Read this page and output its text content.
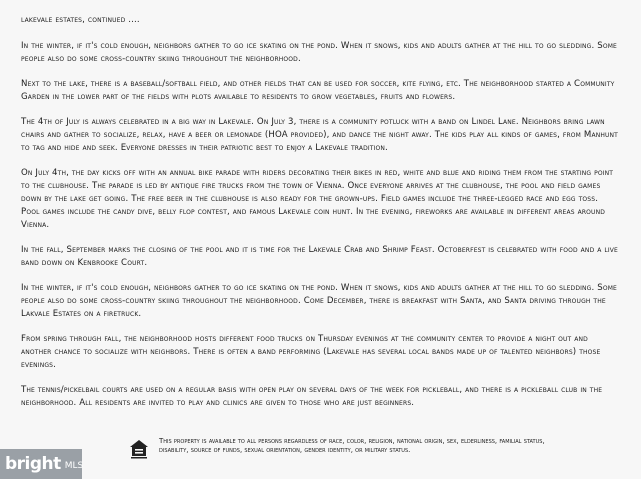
lakevale estates, continued ....

In the winter, if it's cold enough, neighbors gather to go ice skating on the pond. When it snows, kids and adults gather at the hill to go sledding. Some people also do some cross-country skiing throughout the neighborhood.

Next to the lake, there is a baseball/softball field, and other fields that can be used for soccer, kite flying, etc. The neighborhood started a Community Garden in the lower part of the fields with plots available to residents to grow vegetables, fruits and flowers.

The 4th of July is always celebrated in a big way in Lakevale. On July 3, there is a community potluck with a band on Lindel Lane. Neighbors bring lawn chairs and gather to socialize, relax, have a beer or lemonade (HOA provided), and dance the night away. The kids play all kinds of games, from Manhunt to tag and hide and seek. Everyone dresses in their patriotic best to enjoy a Lakevale tradition.

On July 4th, the day kicks off with an annual bike parade with riders decorating their bikes in red, white and blue and riding them from the starting point to the clubhouse. The parade is led by antique fire trucks from the town of Vienna. Once everyone arrives at the clubhouse, the pool and field games down by the lake get going. The free beer in the clubhouse is also ready for the grown-ups. Field games include the three-legged race and egg toss. Pool games include the candy dive, belly flop contest, and famous Lakevale coin hunt. In the evening, fireworks are available in different areas around Vienna.

In the fall, September marks the closing of the pool and it is time for the Lakevale Crab and Shrimp Feast. Octoberfest is celebrated with food and a live band down on Kenbrooke Court.

In the winter, if it's cold enough, neighbors gather to go ice skating on the pond. When it snows, kids and adults gather at the hill to go sledding. Some people also do some cross-country skiing throughout the neighborhood. Come December, there is breakfast with Santa, and Santa driving through the Lakvale Estates on a firetruck.

From spring through fall, the neighborhood hosts different food trucks on Thursday evenings at the community center to provide a night out and another chance to socialize with neighbors. There is often a band performing (Lakevale has several local bands made up of talented neighbors) those evenings.

The tennis/pickelbail courts are used on a regular basis with open play on several days of the week for pickleball, and there is a pickleball club in the neighborhood. All residents are invited to play and clinics are given to those who are just beginners.

This property is available to all persons regardless of race, color, religion, national origin, sex, elderliness, familial status, disability, source of funds, sexual orientation, gender identity, or military status.
bright MLS
